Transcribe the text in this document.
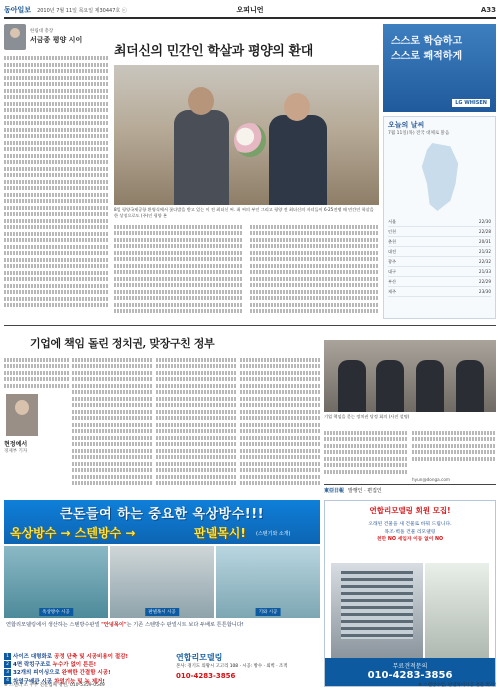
동아일보 2010년 7월 11일 목요일 제30447호 ⓒ	오피니언	A33
한림대 총장
서금종 평양 시이
최더신의 민간인 학살과 평양의 환대
8일 평양국제공항 환영식에서 꽃다발을 받고 있는 이 전 최더신 씨. 최 씨의 부인 그리고 평양 전 최더신의 자녀들이 6·25전쟁 때 민간인 학살을 한 상징으로도 (주)인 평양 본
스스로 학습하고
스스로 쾌적하게
LG WHISEN
오늘의 날씨
7월 11일(목) 전국 대체로 맑음
서울	22/30
인천	22/28
춘천	20/31
대전	21/32
광주	22/32
대구	21/33
부산	22/29
제주	23/30
기업에 책임 돌린 정치권, 맞장구친 정부
현정예서
경제부 기자
기업 책임을 묻는 정치권 당정 회의 (사진 설명)
hyun@donga.com
東亞日報 발행인 · 편집인
큰돈들여 하는 중요한 옥상방수!!!
옥상방수 → 스텐방수 →	판넬목시! (스텐기와 소개)
옥상방수 시공	판넬목시 시공	기와 시공
연합리모델링에서 생산하는 스텐방수판넬 "안녕목이"는 기존 스텐방수 판넬시트 보다 두배로 튼튼합니다!
1 사이즈 대형화로 공정 단축 및 시공비용이 절감!
2 4면 락킹구조로 누수가 없이 튼튼!
3 32개의 피이싱으로 완벽한 간결함 시공!
4 차열구배관 시공 차열기능 및 녹 제거!
연합리모델링
본사: 경기도 의왕시 고고리 108 · 시공: 방수 · 외벽 · 조적
010-4283-3856
연합리모델링 회원 모집!
오래된 건물을 새 건물로 바꿔 드립니다.
목조·벽돌 건물 리모델링
천만 NO 세입자 이동 없이 NO
무료견적문의
010-4283-3856
※ 스텐더 소 주부 전문업체 정천, 010-5359-0549	※ 스텐방수업, 판넬목이시공 전문 회사!
